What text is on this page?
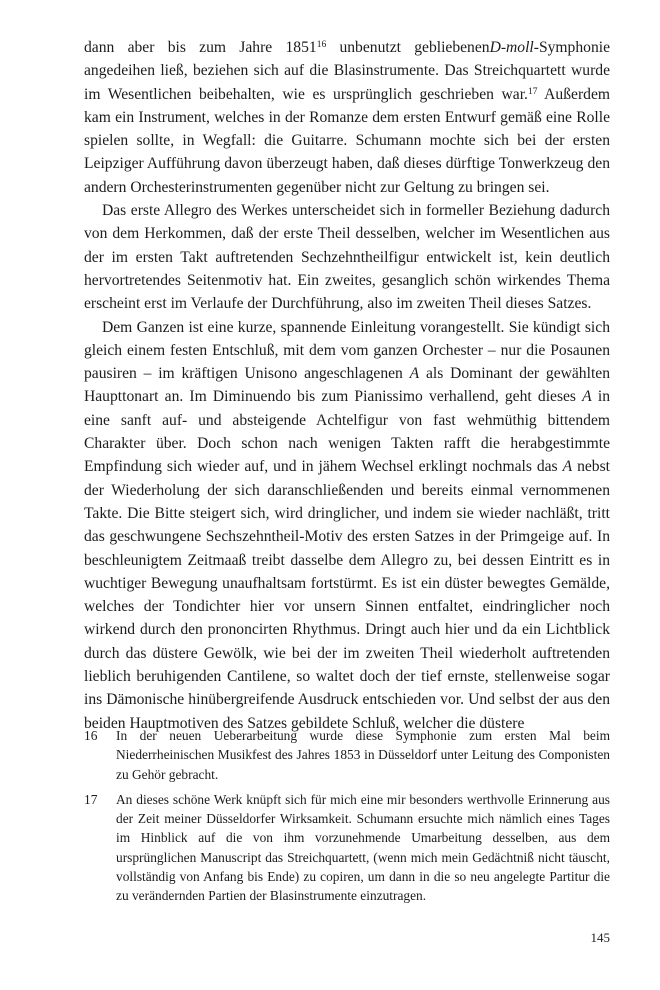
dann aber bis zum Jahre 1851$^{16}$ unbenutzt gebliebenenD-moll-Symphonie angedeihen ließ, beziehen sich auf die Blasinstrumente. Das Streichquartett wurde im Wesentlichen beibehalten, wie es ursprünglich geschrieben war.$^{17}$ Außerdem kam ein Instrument, welches in der Romanze dem ersten Entwurf gemäß eine Rolle spielen sollte, in Wegfall: die Guitarre. Schumann mochte sich bei der ersten Leipziger Aufführung davon überzeugt haben, daß dieses dürftige Tonwerkzeug den andern Orchesterinstrumenten gegenüber nicht zur Geltung zu bringen sei.

Das erste Allegro des Werkes unterscheidet sich in formeller Beziehung dadurch von dem Herkommen, daß der erste Theil desselben, welcher im Wesentlichen aus der im ersten Takt auftretenden Sechzehntheilfigur entwickelt ist, kein deutlich hervortretendes Seitenmotiv hat. Ein zweites, gesanglich schön wirkendes Thema erscheint erst im Verlaufe der Durchführung, also im zweiten Theil dieses Satzes.

Dem Ganzen ist eine kurze, spannende Einleitung vorangestellt. Sie kündigt sich gleich einem festen Entschluß, mit dem vom ganzen Orchester – nur die Posaunen pausiren – im kräftigen Unisono angeschlagenen A als Dominant der gewählten Haupttonart an. Im Diminuendo bis zum Pianissimo verhallend, geht dieses A in eine sanft auf- und absteigende Achtelfigur von fast wehmüthig bittendem Charakter über. Doch schon nach wenigen Takten rafft die herabgestimmte Empfindung sich wieder auf, und in jähem Wechsel erklingt nochmals das A nebst der Wiederholung der sich daranschließenden und bereits einmal vernommenen Takte. Die Bitte steigert sich, wird dringlicher, und indem sie wieder nachläßt, tritt das geschwungene Sechszehntheil-Motiv des ersten Satzes in der Primgeige auf. In beschleunigtem Zeitmaaß treibt dasselbe dem Allegro zu, bei dessen Eintritt es in wuchtiger Bewegung unaufhaltsam fortstürmt. Es ist ein düster bewegtes Gemälde, welches der Tondichter hier vor unsern Sinnen entfaltet, eindringlicher noch wirkend durch den prononcirten Rhythmus. Dringt auch hier und da ein Lichtblick durch das düstere Gewölk, wie bei der im zweiten Theil wiederholt auftretenden lieblich beruhigenden Cantilene, so waltet doch der tief ernste, stellenweise sogar ins Dämonische hinübergreifende Ausdruck entschieden vor. Und selbst der aus den beiden Hauptmotiven des Satzes gebildete Schluß, welcher die düstere

16 In der neuen Ueberarbeitung wurde diese Symphonie zum ersten Mal beim Niederrheinischen Musikfest des Jahres 1853 in Düsseldorf unter Leitung des Componisten zu Gehör gebracht.
17 An dieses schöne Werk knüpft sich für mich eine mir besonders werthvolle Erinnerung aus der Zeit meiner Düsseldorfer Wirksamkeit. Schumann ersuchte mich nämlich eines Tages im Hinblick auf die von ihm vorzunehmende Umarbeitung desselben, aus dem ursprünglichen Manuscript das Streichquartett, (wenn mich mein Gedächtniß nicht täuscht, vollständig von Anfang bis Ende) zu copiren, um dann in die so neu angelegte Partitur die zu verändernden Partien der Blasinstrumente einzutragen.
145
